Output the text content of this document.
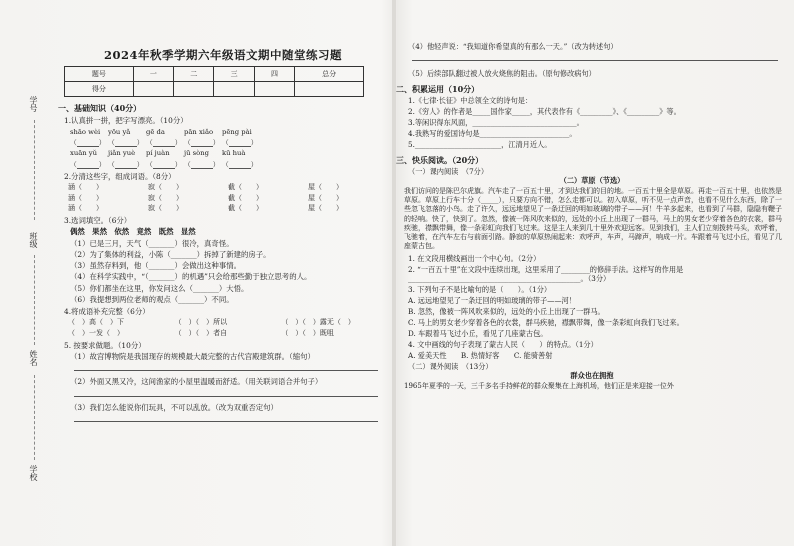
学号
班级
姓名
学校
2024年秋季学期六年级语文期中随堂练习题
题号	一	二	三	四	总分
得分					
一、基础知识（40分）
1.认真拼一拼，把字写漂亮。（10分）
shāo wèi	yōu yǎ	gē da	pān xiǎo	pēng pài
（	） （	） （	） （	） （	）
xuān yǔ	jiǎn yuè	pí juàn	jū sòng	kū huà
（	） （	） （	） （	） （	）
2.分清这些字，组成词语。（8分）
涵（　　）	寂（　　）	截（　　）	屋（　　）
涵（　　）	寂（　　）	截（　　）	屋（　　）
涵（　　）	寂（　　）	截（　　）	屋（　　）
3.选词填空。（6分）
偶然　果然　依然　竟然　既然　显然
（1）已是三月，天气（_______）很冷，真奇怪。
（2）为了集体的利益，小陈（_______）拆掉了新建的房子。
（3）虽然存料到，他（_______）会做出这种事情。
（4）在科学实践中，“（_______）的机遇”只会给那些勤于独立思考的人。
（5）你们都坐在这里，你发问这么（_______）大悟。
（6）我提想到两位老师的观点（_______）不同。
4.将成语补充完整（6分）
（　）高（　）下	（　）（　）所以	（　）（　）露无（　）
（　）一发（　）	（　）（　）者自	（　）（　）既咀
5. 按要求做题。（10分）
（1）故宫博物院是我国现存的规模最大最完整的古代宫殿建筑群。（缩句）
（2）外面又黑又冷，这间渔家的小屋里温暖而舒适。（用关联词语合并句子）
（3）我们怎么能说你们玩具，不可以乱放。（改为双重否定句）
（4）他轻声说：“我知道你希望真的有那么一天。”（改为转述句）
（5）后续部队翻过被人放火烧焦的阻击。（原句修改病句）
二、积累运用（10分）
1.《七律·长征》中总领全文的诗句是：
2.《穷人》的作者是_____国作家_____，其代表作有《_________》、《_________》等。
3.等闲识得东风面，_____________________________。
4.我熟写的爱国诗句是_________________________。
5.________________________，江清月近人。
三、快乐阅读。（20分）
（一）课内阅读　（7分）
（二）草原（节选）
我们访问的是陈巴尔虎旗。汽车走了一百五十里，才到达我们的目的地。一百五十里全是草原。再走一百五十里，也依然是草原。草原上行车十分（_____），只要方向不错，怎么走都可以。初入草原，听不见一点声音，也看不见什么东西，除了一些忽飞忽落的小鸟。走了许久，远远地望见了一条迂回的明如玻璃的带子——河！牛羊多起来，也看到了马群，隐隐有鞭子的轻响。快了，快到了。忽然，像被一阵风吹来似的，远处的小丘上出现了一群马，马上的男女老少穿着各色的衣裳，群马疾驰，襟飘带舞，像一条彩虹向我们飞过来。这是主人来到几十里外欢迎远客。见到我们，主人们立刻拨转马头，欢呼着，飞驰着，在汽车左右与前面引路。静寂的草原热闹起来：欢呼声，车声，马蹄声，响成一片。车跟着马飞过小丘，看见了几座蒙古包。
1. 在文段用横线画出一个中心句。（2分）
2. “一百五十里”在文段中连续出现，这里采用了________的修辞手法。这样写的作用是________________________________________________。（3分）
3. 下列句子不是比喻句的是（　　）。（1分）
A. 远远地望见了一条迂回的明如玻璃的带子——河！
B. 忽然，像被一阵风吹来似的，远处的小丘上出现了一群马。
C. 马上的男女老少穿着各色的衣裳，群马疾驰，襟飘带舞，像一条彩虹向我们飞过来。
D. 车跟着马飞过小丘，看见了几座蒙古包。
4. 文中画线的句子表现了蒙古人民（　　）的特点。（1分）
A. 爱美天性　　B. 热情好客　　C. 能骑善射
（二）课外阅读　（13分）
群众也在拥抱
1965年夏季的一天，三千多名手持鲜花的群众聚集在上海机场，他们正是来迎接一位外
